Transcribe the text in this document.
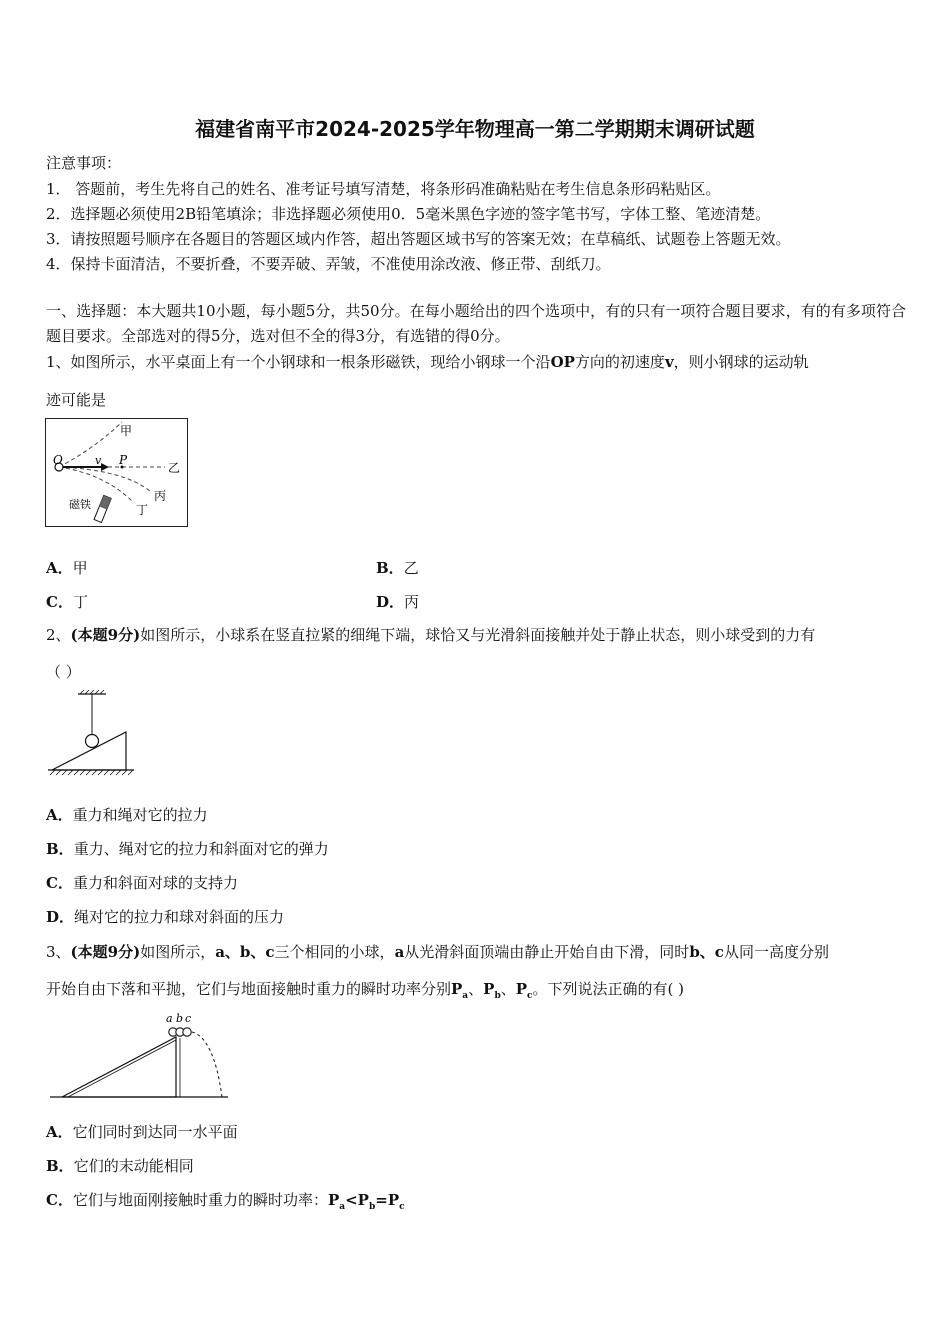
福建省南平市2024-2025学年物理高一第二学期期末调研试题
注意事项：
1． 答题前，考生先将自己的姓名、准考证号填写清楚，将条形码准确粘贴在考生信息条形码粘贴区。
2．选择题必须使用2B铅笔填涂；非选择题必须使用0．5毫米黑色字迹的签字笔书写，字体工整、笔迹清楚。
3．请按照题号顺序在各题目的答题区域内作答，超出答题区域书写的答案无效；在草稿纸、试题卷上答题无效。
4．保持卡面清洁，不要折叠，不要弄破、弄皱，不准使用涂改液、修正带、刮纸刀。
一、选择题：本大题共10小题，每小题5分，共50分。在每小题给出的四个选项中，有的只有一项符合题目要求，有的有多项符合题目要求。全部选对的得5分，选对但不全的得3分，有选错的得0分。
1、如图所示，水平桌面上有一个小钢球和一根条形磁铁，现给小钢球一个沿OP方向的初速度v，则小钢球的运动轨
迹可能是
甲
乙
丙
丁
O	v P
磁铁
A．甲	B．乙
C．丁	D．丙
2、(本题9分)如图所示，小球系在竖直拉紧的细绳下端，球恰又与光滑斜面接触并处于静止状态，则小球受到的力有
（ ）
A．重力和绳对它的拉力
B．重力、绳对它的拉力和斜面对它的弹力
C．重力和斜面对球的支持力
D．绳对它的拉力和球对斜面的压力
3、(本题9分)如图所示，a、b、c三个相同的小球，a从光滑斜面顶端由静止开始自由下滑，同时b、c从同一高度分别
开始自由下落和平抛，它们与地面接触时重力的瞬时功率分别$P_a$、$P_b$、$P_c$。下列说法正确的有( )
a b c
A．它们同时到达同一水平面
B．它们的末动能相同
C．它们与地面刚接触时重力的瞬时功率：$P_a<P_b=P_c$
